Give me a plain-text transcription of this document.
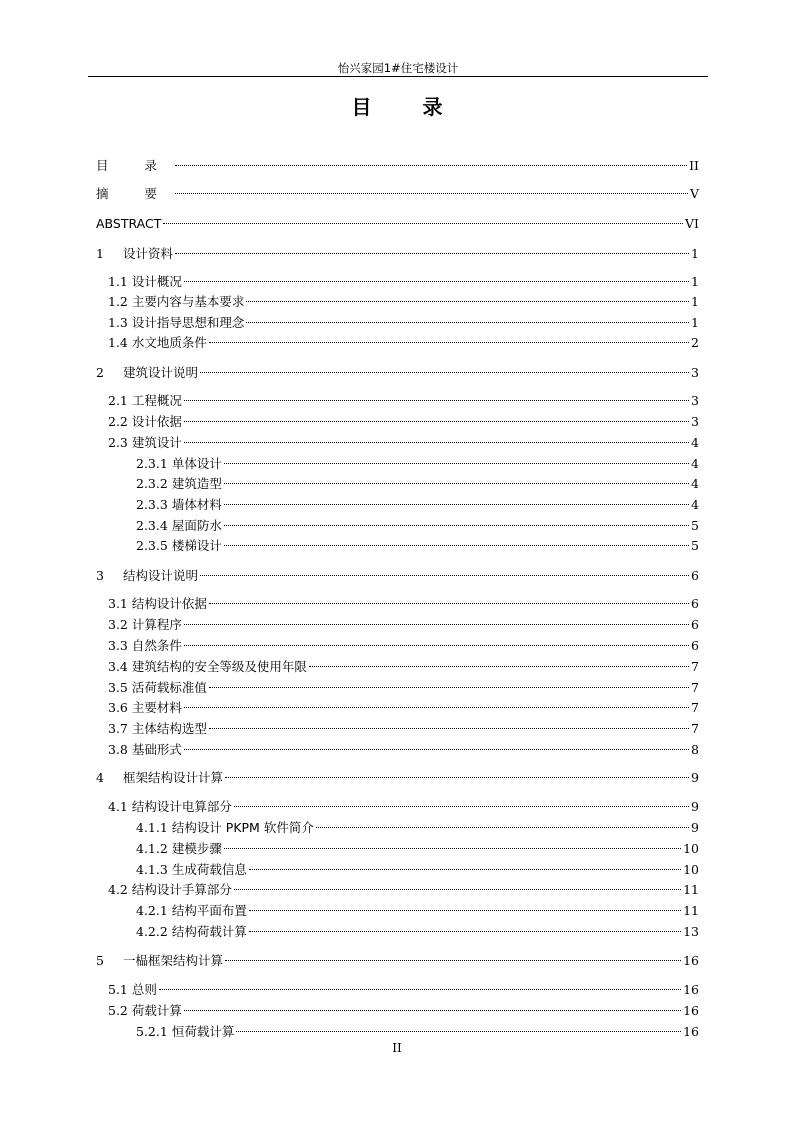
怡兴家园1#住宅楼设计
目 录
目 录	II
摘 要	V
ABSTRACT	VI
1	设计资料	1
1.1 设计概况	1
1.2 主要内容与基本要求	1
1.3 设计指导思想和理念	1
1.4 水文地质条件	2
2	建筑设计说明	3
2.1 工程概况	3
2.2 设计依据	3
2.3 建筑设计	4
2.3.1 单体设计	4
2.3.2 建筑造型	4
2.3.3 墙体材料	4
2.3.4 屋面防水	5
2.3.5 楼梯设计	5
3	结构设计说明	6
3.1 结构设计依据	6
3.2 计算程序	6
3.3 自然条件	6
3.4 建筑结构的安全等级及使用年限	7
3.5 活荷载标准值	7
3.6 主要材料	7
3.7 主体结构选型	7
3.8 基础形式	8
4	框架结构设计计算	9
4.1 结构设计电算部分	9
4.1.1 结构设计 PKPM 软件简介	9
4.1.2 建模步骤	10
4.1.3 生成荷载信息	10
4.2 结构设计手算部分	11
4.2.1 结构平面布置	11
4.2.2 结构荷载计算	13
5	一榀框架结构计算	16
5.1 总则	16
5.2 荷载计算	16
5.2.1 恒荷载计算	16
II
